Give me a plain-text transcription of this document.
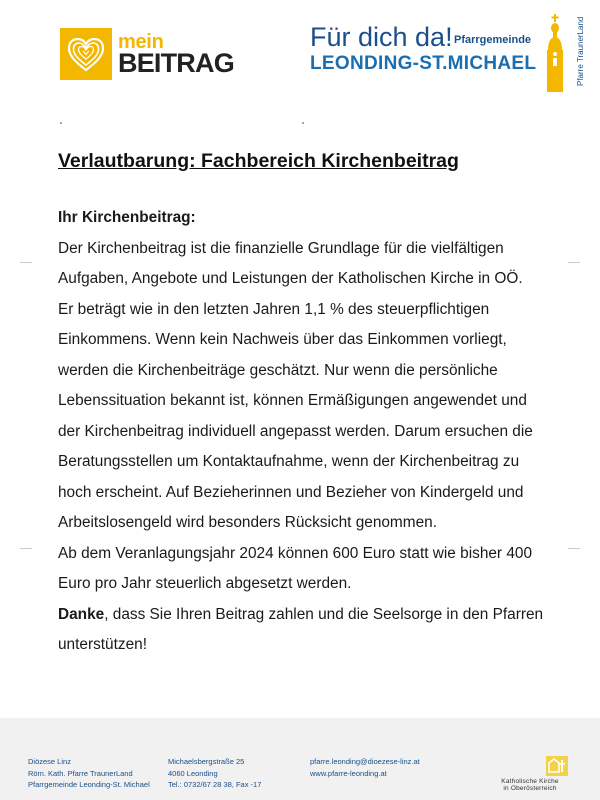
mein
BEITRAG
Für dich da! Pfarrgemeinde
LEONDING-ST.MICHAEL	Pfarre TraunerLand
Verlautbarung: Fachbereich Kirchenbeitrag

Ihr Kirchenbeitrag:

Der Kirchenbeitrag ist die finanzielle Grundlage für die vielfältigen Aufgaben, Angebote und Leistungen der Katholischen Kirche in OÖ.

Er beträgt wie in den letzten Jahren 1,1 % des steuerpflichtigen Einkommens. Wenn kein Nachweis über das Einkommen vorliegt, werden die Kirchenbeiträge geschätzt. Nur wenn die persönliche Lebenssituation bekannt ist, können Ermäßigungen angewendet und der Kirchenbeitrag individuell angepasst werden. Darum ersuchen die Beratungsstellen um Kontaktaufnahme, wenn der Kirchenbeitrag zu hoch erscheint. Auf Bezieherinnen und Bezieher von Kindergeld und Arbeitslosengeld wird besonders Rücksicht genommen.

Ab dem Veranlagungsjahr 2024 können 600 Euro statt wie bisher 400 Euro pro Jahr steuerlich abgesetzt werden.

Danke, dass Sie Ihren Beitrag zahlen und die Seelsorge in den Pfarren unterstützen!

Diözese Linz
Röm. Kath. Pfarre TraunerLand
Pfarrgemeinde Leonding-St. Michael
Michaelsbergstraße 25
4060 Leonding
Tel.: 0732/67 28 38, Fax -17
pfarre.leonding@dioezese-linz.at
www.pfarre-leonding.at
Katholische Kirche
in Oberösterreich
